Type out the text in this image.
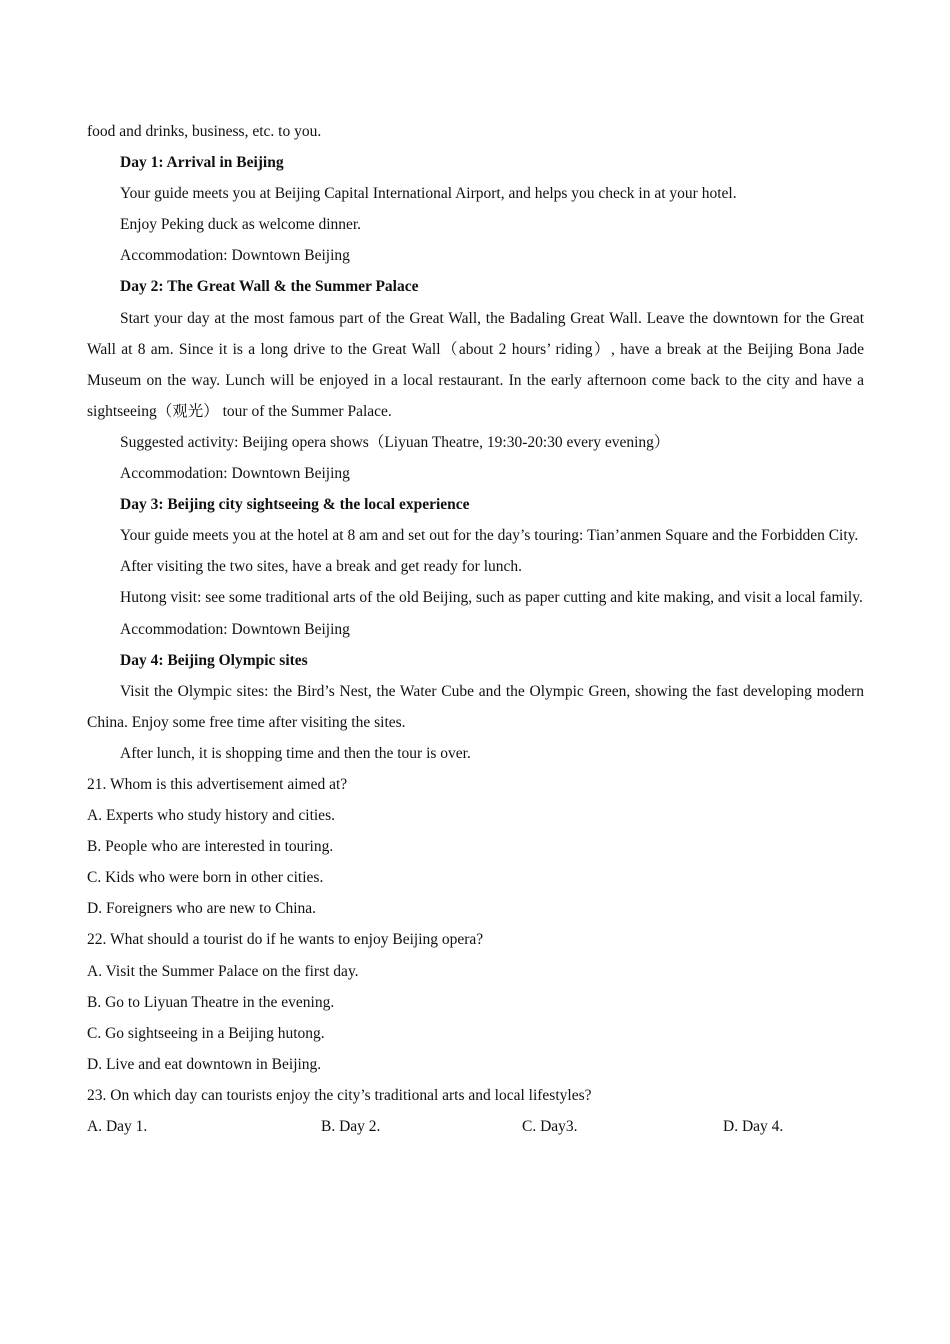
food and drinks, business, etc. to you.

Day 1: Arrival in Beijing

Your guide meets you at Beijing Capital International Airport, and helps you check in at your hotel.

Enjoy Peking duck as welcome dinner.

Accommodation: Downtown Beijing

Day 2: The Great Wall & the Summer Palace

Start your day at the most famous part of the Great Wall, the Badaling Great Wall. Leave the downtown for the Great Wall at 8 am. Since it is a long drive to the Great Wall（about 2 hours’ riding）, have a break at the Beijing Bona Jade Museum on the way. Lunch will be enjoyed in a local restaurant. In the early afternoon come back to the city and have a sightseeing（观光） tour of the Summer Palace.

Suggested activity: Beijing opera shows（Liyuan Theatre, 19:30-20:30 every evening）

Accommodation: Downtown Beijing

Day 3: Beijing city sightseeing & the local experience

Your guide meets you at the hotel at 8 am and set out for the day’s touring: Tian’anmen Square and the Forbidden City.

After visiting the two sites, have a break and get ready for lunch.

Hutong visit: see some traditional arts of the old Beijing, such as paper cutting and kite making, and visit a local family.

Accommodation: Downtown Beijing

Day 4: Beijing Olympic sites

Visit the Olympic sites: the Bird’s Nest, the Water Cube and the Olympic Green, showing the fast developing modern China. Enjoy some free time after visiting the sites.

After lunch, it is shopping time and then the tour is over.

21. Whom is this advertisement aimed at?

A. Experts who study history and cities.

B. People who are interested in touring.

C. Kids who were born in other cities.

D. Foreigners who are new to China.

22. What should a tourist do if he wants to enjoy Beijing opera?

A. Visit the Summer Palace on the first day.

B. Go to Liyuan Theatre in the evening.

C. Go sightseeing in a Beijing hutong.

D. Live and eat downtown in Beijing.

23. On which day can tourists enjoy the city’s traditional arts and local lifestyles?

A. Day 1.	B. Day 2.	C. Day3.	D. Day 4.
